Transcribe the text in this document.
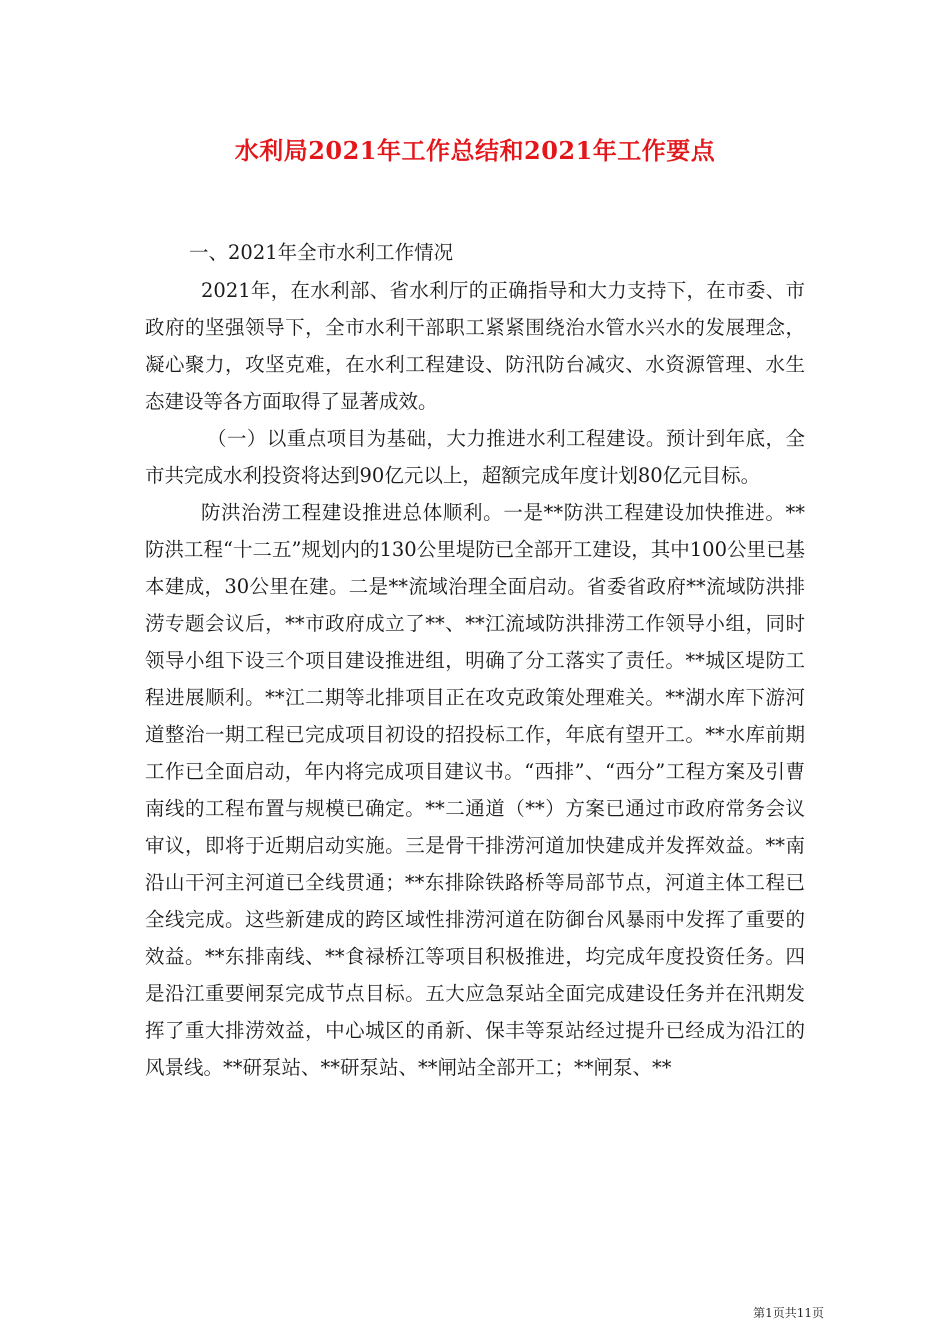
水利局2021年工作总结和2021年工作要点

一、2021年全市水利工作情况

2021年，在水利部、省水利厅的正确指导和大力支持下，在市委、市政府的坚强领导下，全市水利干部职工紧紧围绕治水管水兴水的发展理念，凝心聚力，攻坚克难，在水利工程建设、防汛防台减灾、水资源管理、水生态建设等各方面取得了显著成效。

（一）以重点项目为基础，大力推进水利工程建设。预计到年底，全市共完成水利投资将达到90亿元以上，超额完成年度计划80亿元目标。

防洪治涝工程建设推进总体顺利。一是**防洪工程建设加快推进。**防洪工程“十二五”规划内的130公里堤防已全部开工建设，其中100公里已基本建成，30公里在建。二是**流域治理全面启动。省委省政府**流域防洪排涝专题会议后，**市政府成立了**、**江流域防洪排涝工作领导小组，同时领导小组下设三个项目建设推进组，明确了分工落实了责任。**城区堤防工程进展顺利。**江二期等北排项目正在攻克政策处理难关。**湖水库下游河道整治一期工程已完成项目初设的招投标工作，年底有望开工。**水库前期工作已全面启动，年内将完成项目建议书。“西排”、“西分”工程方案及引曹南线的工程布置与规模已确定。**二通道（**）方案已通过市政府常务会议审议，即将于近期启动实施。三是骨干排涝河道加快建成并发挥效益。**南沿山干河主河道已全线贯通；**东排除铁路桥等局部节点，河道主体工程已全线完成。这些新建成的跨区域性排涝河道在防御台风暴雨中发挥了重要的效益。**东排南线、**食禄桥江等项目积极推进，均完成年度投资任务。四是沿江重要闸泵完成节点目标。五大应急泵站全面完成建设任务并在汛期发挥了重大排涝效益，中心城区的甬新、保丰等泵站经过提升已经成为沿江的风景线。**研泵站、**研泵站、**闸站全部开工；**闸泵、**

第1页共11页
